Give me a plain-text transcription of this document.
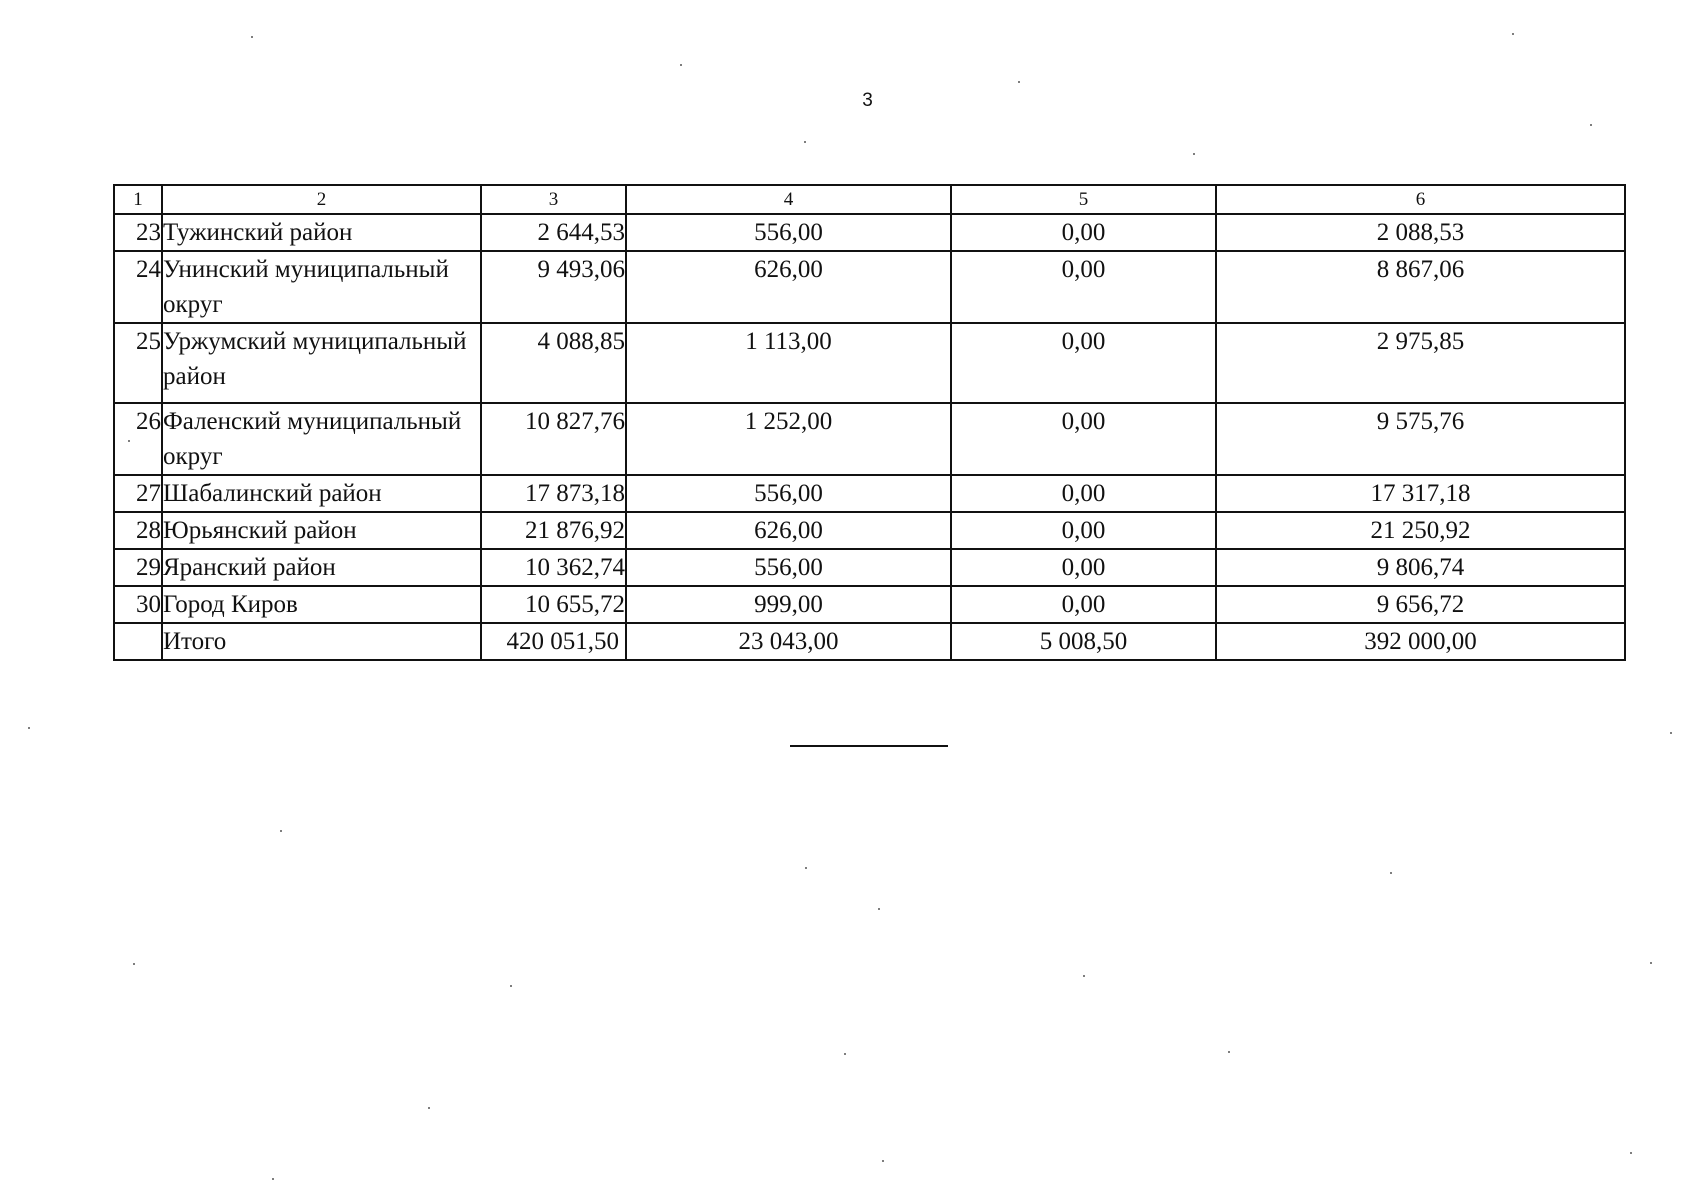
3
1	2	3	4	5	6
23	Тужинский район	2 644,53	556,00	0,00	2 088,53
24	Унинский муниципальный округ	9 493,06	626,00	0,00	8 867,06
25	Уржумский муниципальный район	4 088,85	1 113,00	0,00	2 975,85
26	Фаленский муниципальный округ	10 827,76	1 252,00	0,00	9 575,76
27	Шабалинский район	17 873,18	556,00	0,00	17 317,18
28	Юрьянский район	21 876,92	626,00	0,00	21 250,92
29	Яранский район	10 362,74	556,00	0,00	9 806,74
30	Город Киров	10 655,72	999,00	0,00	9 656,72
	Итого	420 051,50	23 043,00	5 008,50	392 000,00
